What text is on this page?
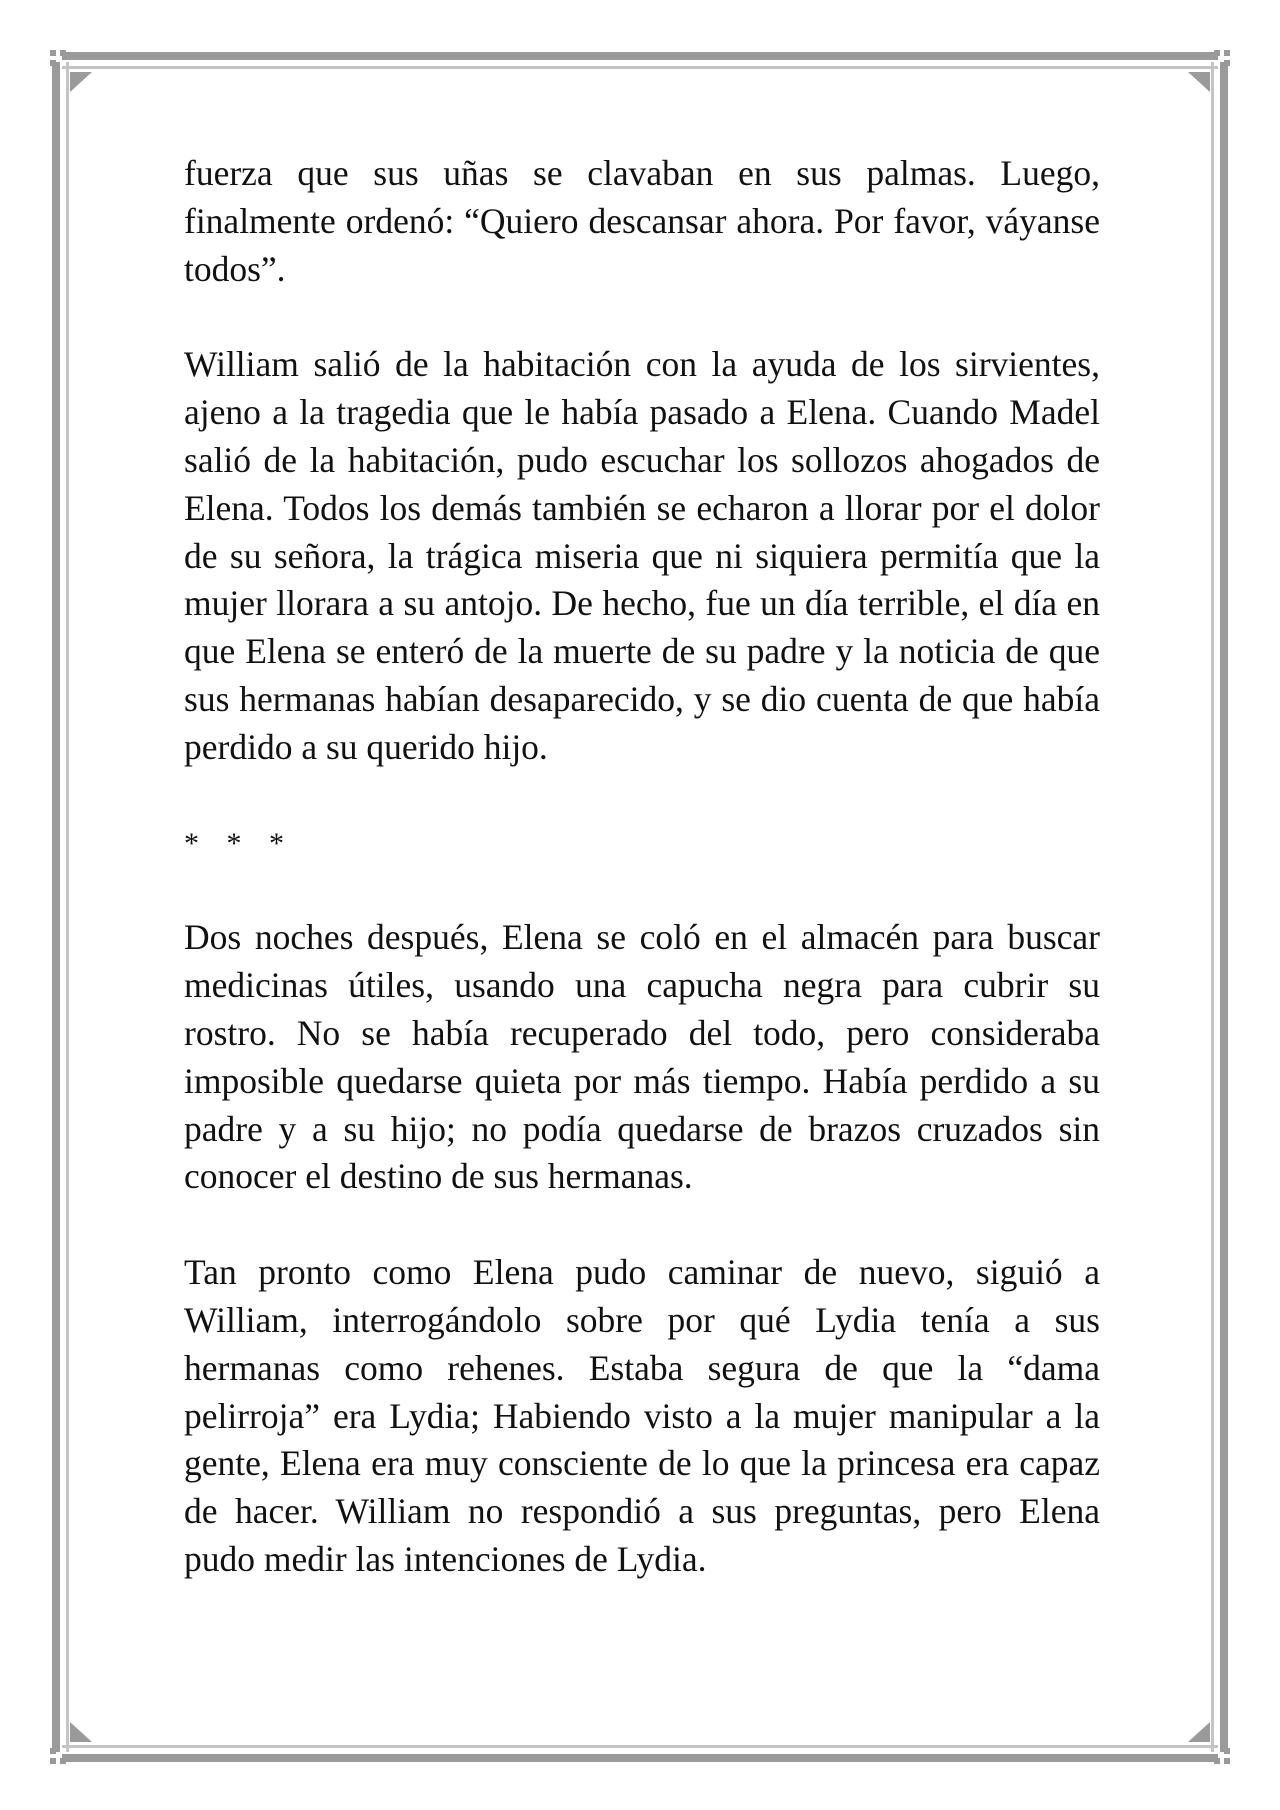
fuerza que sus uñas se clavaban en sus palmas. Luego, finalmente ordenó: “Quiero descansar ahora. Por favor, váyanse todos”.

William salió de la habitación con la ayuda de los sirvientes, ajeno a la tragedia que le había pasado a Elena. Cuando Madel salió de la habitación, pudo escuchar los sollozos ahogados de Elena. Todos los demás también se echaron a llorar por el dolor de su señora, la trágica miseria que ni siquiera permitía que la mujer llorara a su antojo. De hecho, fue un día terrible, el día en que Elena se enteró de la muerte de su padre y la noticia de que sus hermanas habían desaparecido, y se dio cuenta de que había perdido a su querido hijo.

* * *

Dos noches después, Elena se coló en el almacén para buscar medicinas útiles, usando una capucha negra para cubrir su rostro. No se había recuperado del todo, pero consideraba imposible quedarse quieta por más tiempo. Había perdido a su padre y a su hijo; no podía quedarse de brazos cruzados sin conocer el destino de sus hermanas.

Tan pronto como Elena pudo caminar de nuevo, siguió a William, interrogándolo sobre por qué Lydia tenía a sus hermanas como rehenes. Estaba segura de que la “dama pelirroja” era Lydia; Habiendo visto a la mujer manipular a la gente, Elena era muy consciente de lo que la princesa era capaz de hacer. William no respondió a sus preguntas, pero Elena pudo medir las intenciones de Lydia.
